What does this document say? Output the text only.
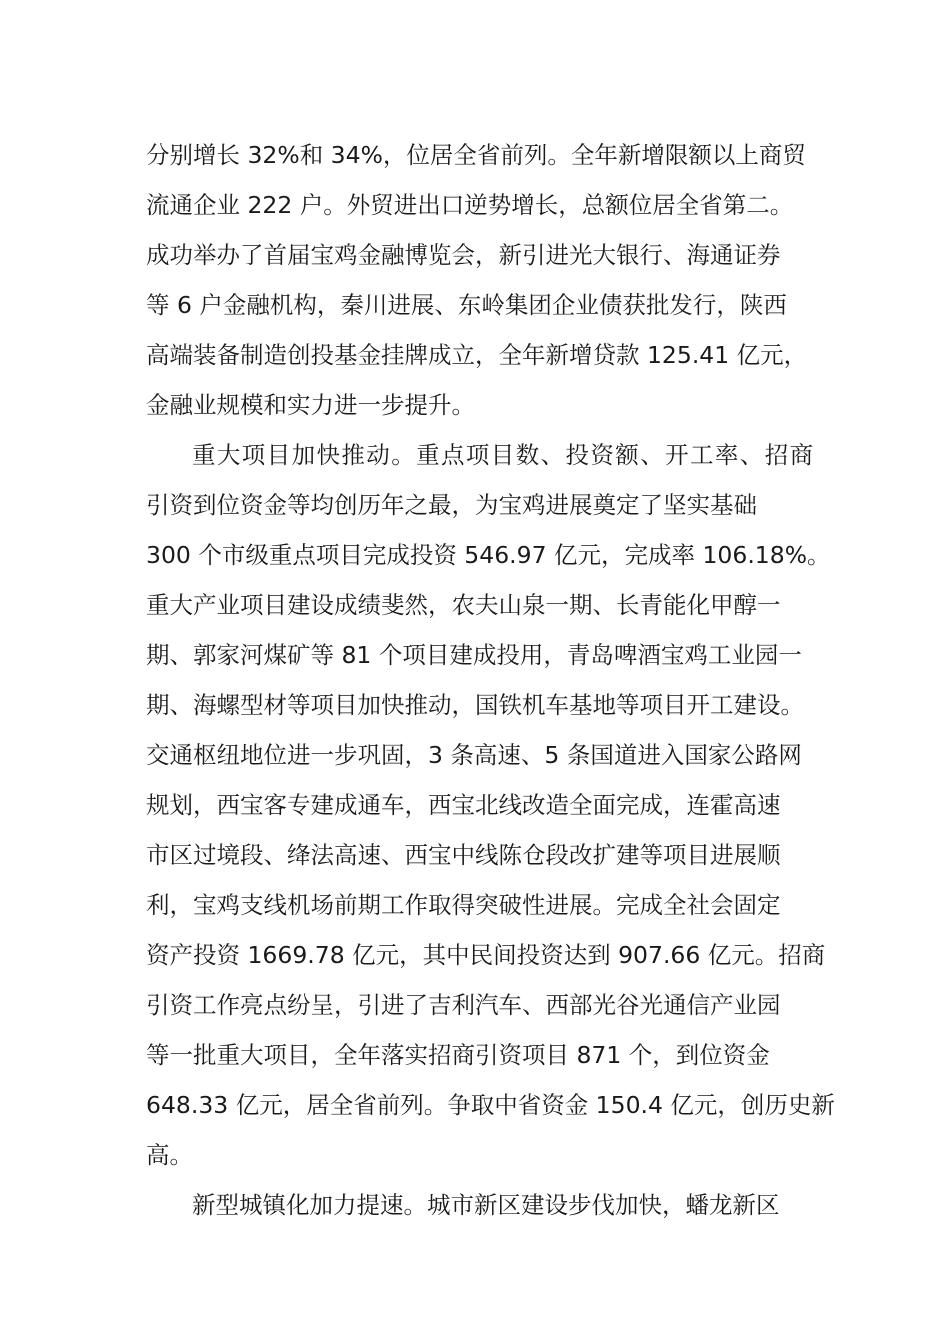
分别增长 32%和 34%，位居全省前列。全年新增限额以上商贸
流通企业 222 户。外贸进出口逆势增长，总额位居全省第二。
成功举办了首届宝鸡金融博览会，新引进光大银行、海通证券
等 6 户金融机构，秦川进展、东岭集团企业债获批发行，陕西
高端装备制造创投基金挂牌成立，全年新增贷款 125.41 亿元，
金融业规模和实力进一步提升。
重大项目加快推动。重点项目数、投资额、开工率、招商
引资到位资金等均创历年之最，为宝鸡进展奠定了坚实基础
300 个市级重点项目完成投资 546.97 亿元，完成率 106.18%。
重大产业项目建设成绩斐然，农夫山泉一期、长青能化甲醇一
期、郭家河煤矿等 81 个项目建成投用，青岛啤酒宝鸡工业园一
期、海螺型材等项目加快推动，国铁机车基地等项目开工建设。
交通枢纽地位进一步巩固，3 条高速、5 条国道进入国家公路网
规划，西宝客专建成通车，西宝北线改造全面完成，连霍高速
市区过境段、绛法高速、西宝中线陈仓段改扩建等项目进展顺
利，宝鸡支线机场前期工作取得突破性进展。完成全社会固定
资产投资 1669.78 亿元，其中民间投资达到 907.66 亿元。招商
引资工作亮点纷呈，引进了吉利汽车、西部光谷光通信产业园
等一批重大项目，全年落实招商引资项目 871 个，到位资金
648.33 亿元，居全省前列。争取中省资金 150.4 亿元，创历史新
高。
新型城镇化加力提速。城市新区建设步伐加快，蟠龙新区
